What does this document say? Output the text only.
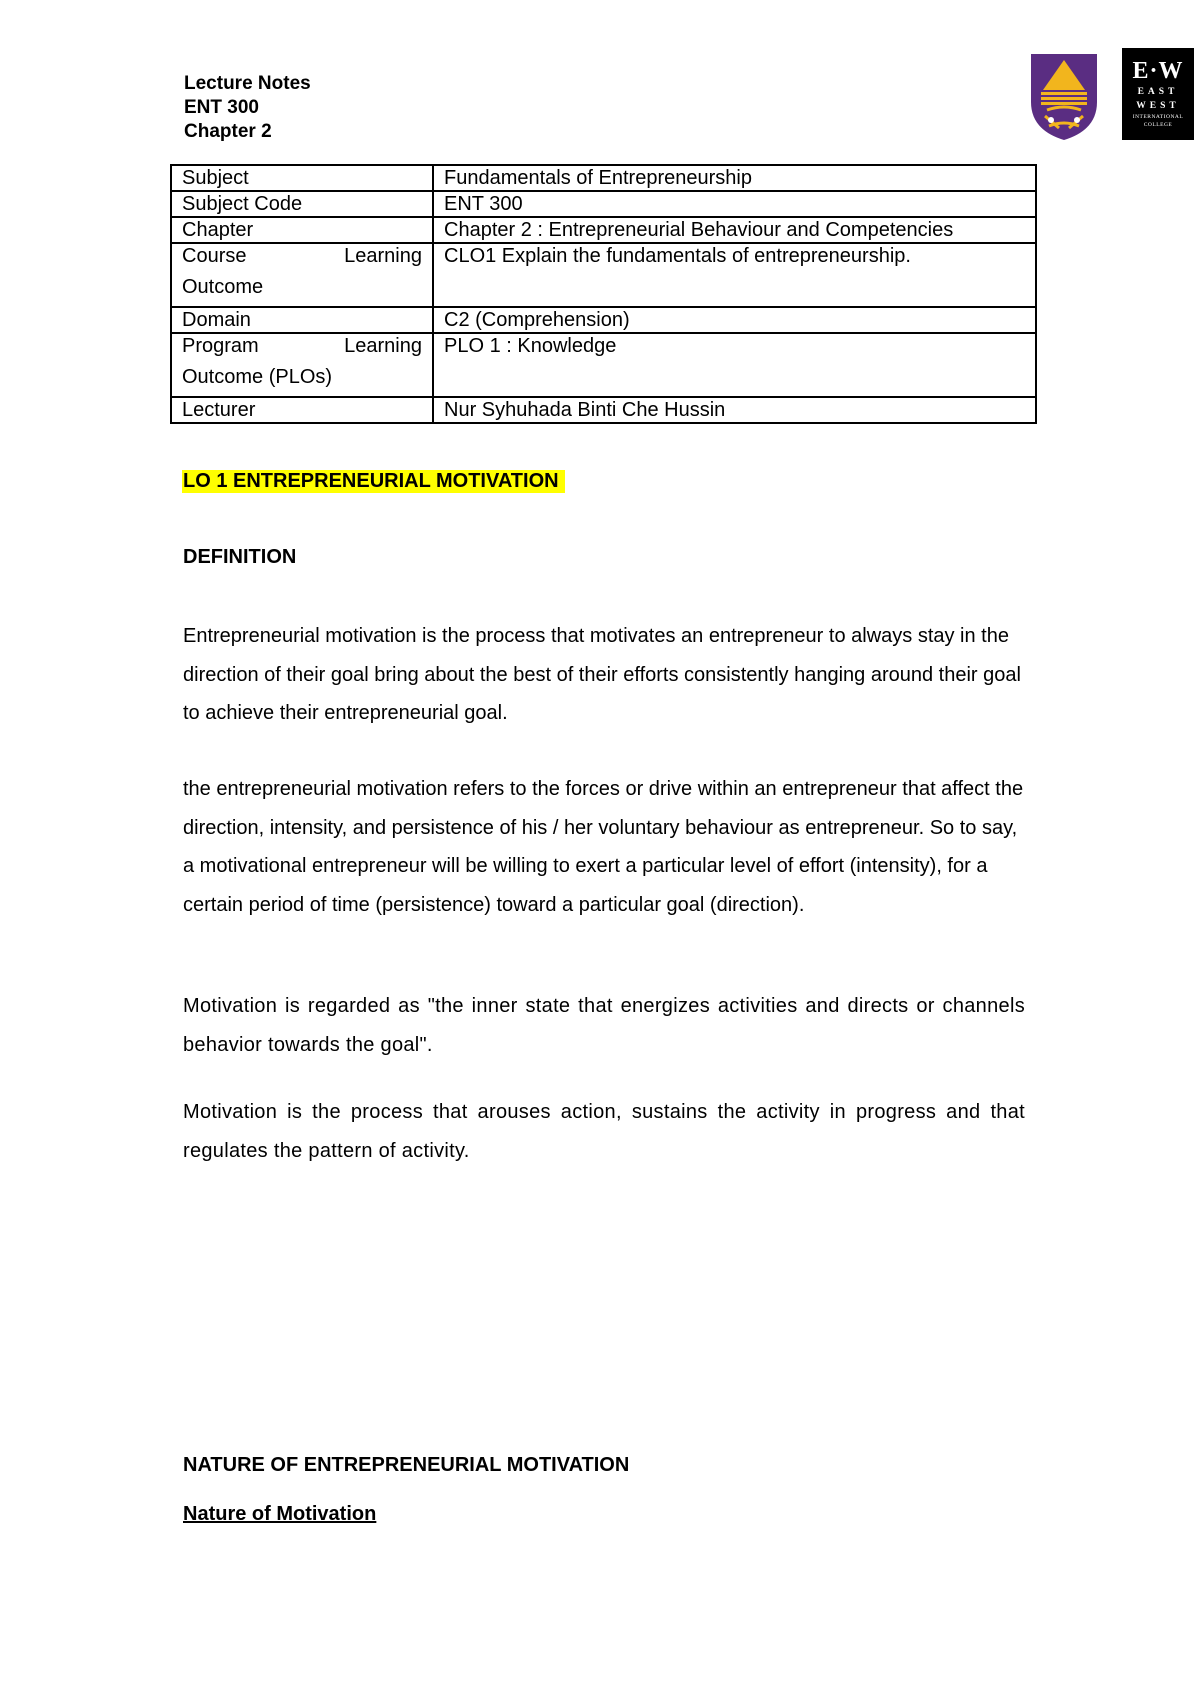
Lecture Notes
ENT 300
Chapter 2
E·W
EAST
WEST
INTERNATIONAL
COLLEGE
Subject	Fundamentals of Entrepreneurship
Subject Code	ENT 300
Chapter	Chapter 2 : Entrepreneurial Behaviour and Competencies

Course Learning
Outcome	CLO1 Explain the fundamentals of entrepreneurship.
Domain	C2 (Comprehension)

Program Learning
Outcome (PLOs)	PLO 1 : Knowledge
Lecturer	Nur Syhuhada Binti Che Hussin
LO 1 ENTREPRENEURIAL MOTIVATION
DEFINITION
Entrepreneurial motivation is the process that motivates an entrepreneur to always stay in the direction of their goal bring about the best of their efforts consistently hanging around their goal to achieve their entrepreneurial goal.
the entrepreneurial motivation refers to the forces or drive within an entrepreneur that affect the direction, intensity, and persistence of his / her voluntary behaviour as entrepreneur. So to say, a motivational entrepreneur will be willing to exert a particular level of effort (intensity), for a certain period of time (persistence) toward a particular goal (direction).
Motivation is regarded as "the inner state that energizes activities and directs or channels behavior towards the goal".
Motivation is the process that arouses action, sustains the activity in progress and that regulates the pattern of activity.
NATURE OF ENTREPRENEURIAL MOTIVATION
Nature of Motivation
